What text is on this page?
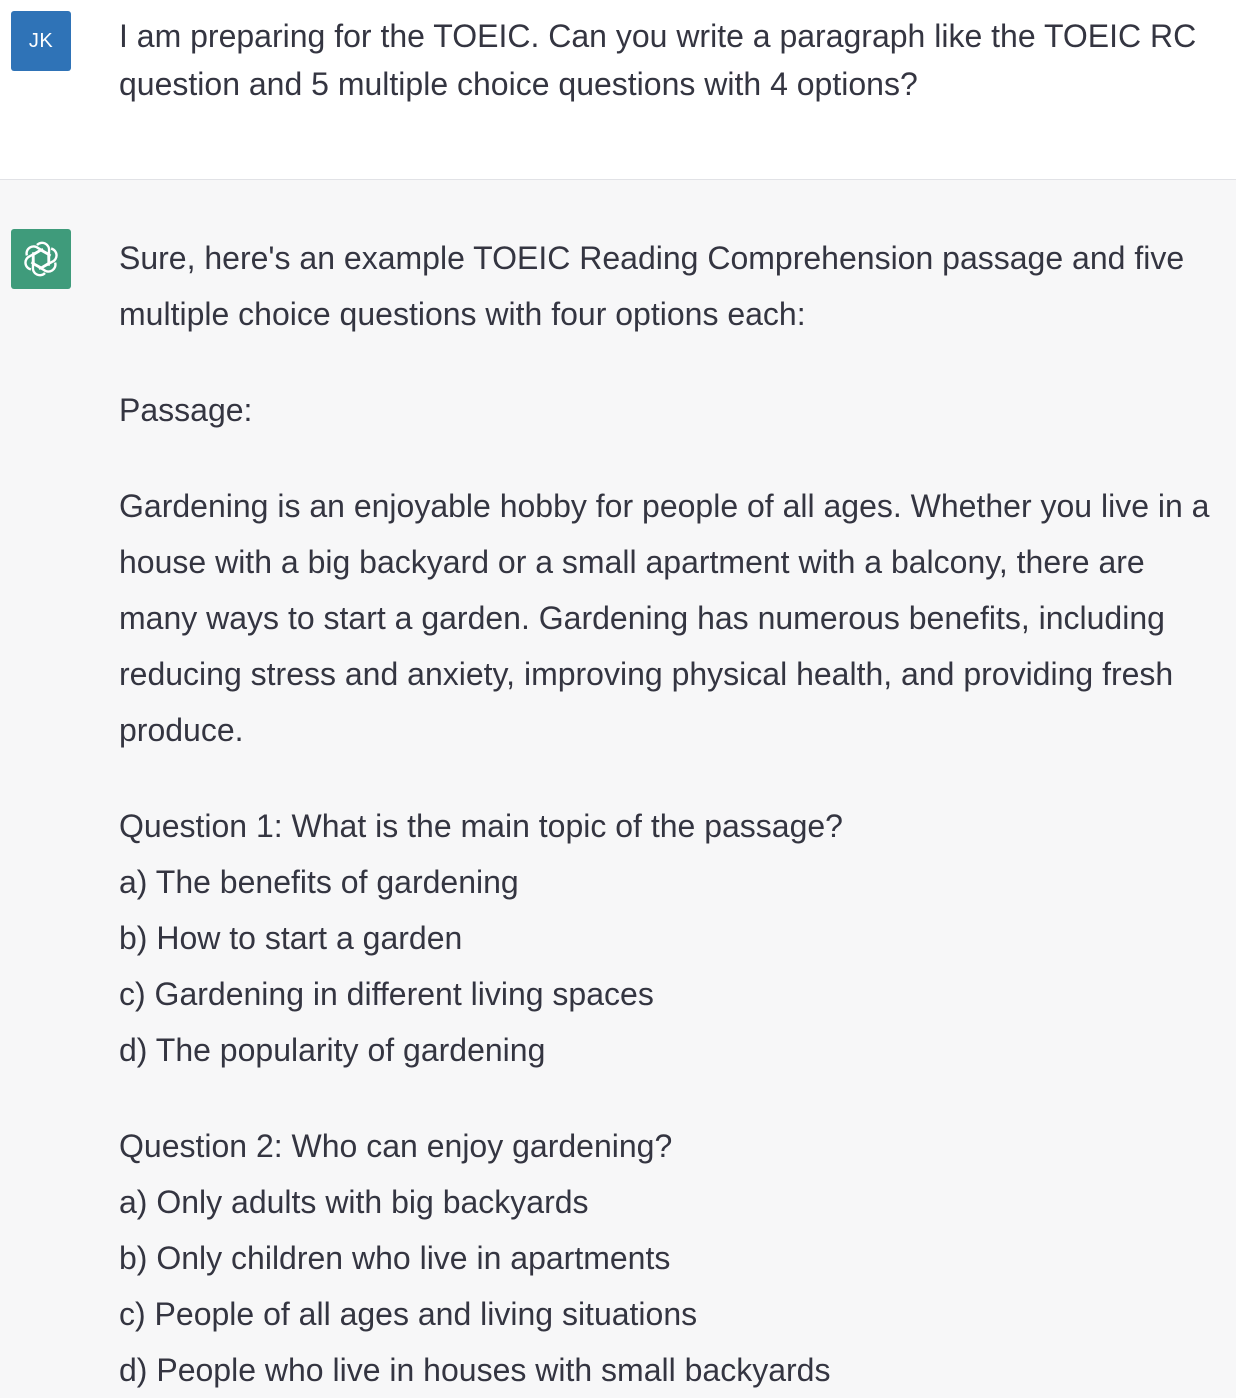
JK	I am preparing for the TOEIC. Can you write a paragraph like the TOEIC RC question and 5 multiple choice questions with 4 options?

Sure, here's an example TOEIC Reading Comprehension passage and five multiple choice questions with four options each:

Passage:

Gardening is an enjoyable hobby for people of all ages. Whether you live in a house with a big backyard or a small apartment with a balcony, there are many ways to start a garden. Gardening has numerous benefits, including reducing stress and anxiety, improving physical health, and providing fresh produce.

Question 1: What is the main topic of the passage?
a) The benefits of gardening
b) How to start a garden
c) Gardening in different living spaces
d) The popularity of gardening
Question 2: Who can enjoy gardening?
a) Only adults with big backyards
b) Only children who live in apartments
c) People of all ages and living situations
d) People who live in houses with small backyards
